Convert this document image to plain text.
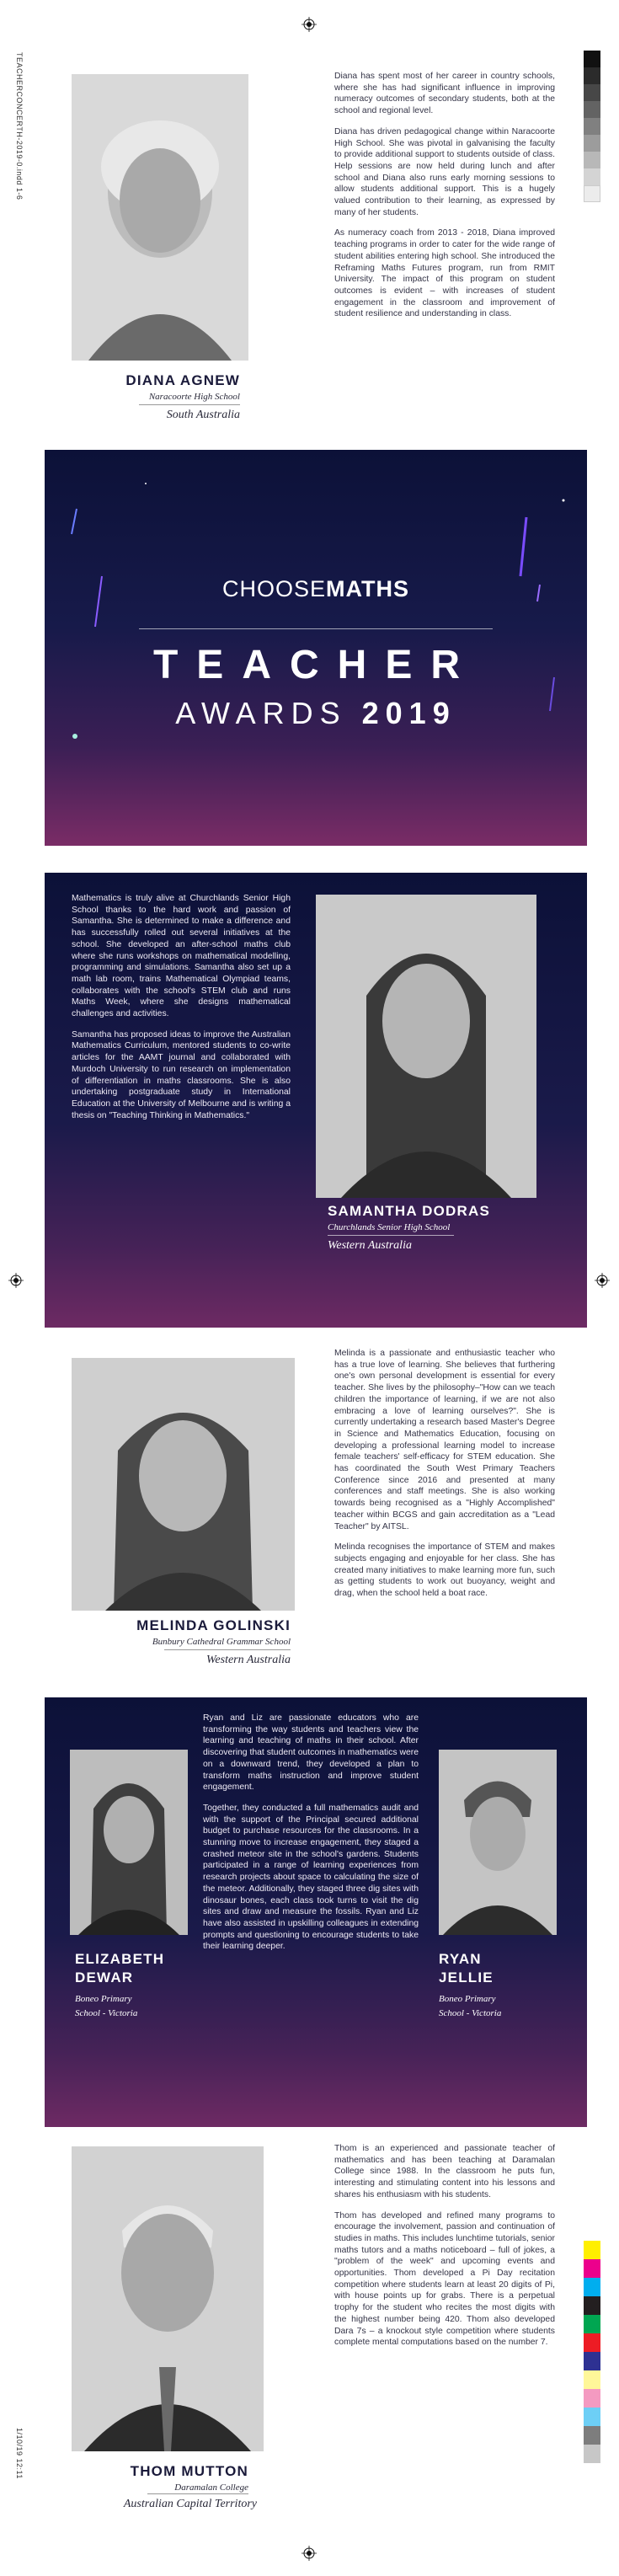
TEACHERCONCERTH-2019-0.indd 1-6
1/10/19 12:11
DIANA AGNEW
Naracoorte High School
South Australia

Diana has spent most of her career in country schools, where she has had significant influence in improving numeracy outcomes of secondary students, both at the school and regional level.

Diana has driven pedagogical change within Naracoorte High School. She was pivotal in galvanising the faculty to provide additional support to students outside of class. Help sessions are now held during lunch and after school and Diana also runs early morning sessions to allow students additional support. This is a hugely valued contribution to their learning, as expressed by many of her students.

As numeracy coach from 2013 - 2018, Diana improved teaching programs in order to cater for the wide range of student abilities entering high school. She introduced the Reframing Maths Futures program, run from RMIT University. The impact of this program on student outcomes is evident – with increases of student engagement in the classroom and improvement of student resilience and understanding in class.

CHOOSEMATHS
TEACHER
AWARDS 2019

Mathematics is truly alive at Churchlands Senior High School thanks to the hard work and passion of Samantha. She is determined to make a difference and has successfully rolled out several initiatives at the school. She developed an after-school maths club where she runs workshops on mathematical modelling, programming and simulations. Samantha also set up a math lab room, trains Mathematical Olympiad teams, collaborates with the school's STEM club and runs Maths Week, where she designs mathematical challenges and activities.

Samantha has proposed ideas to improve the Australian Mathematics Curriculum, mentored students to co-write articles for the AAMT journal and collaborated with Murdoch University to run research on implementation of differentiation in maths classrooms. She is also undertaking postgraduate study in International Education at the University of Melbourne and is writing a thesis on "Teaching Thinking in Mathematics."

SAMANTHA DODRAS
Churchlands Senior High School
Western Australia
MELINDA GOLINSKI
Bunbury Cathedral Grammar School
Western Australia

Melinda is a passionate and enthusiastic teacher who has a true love of learning. She believes that furthering one's own personal development is essential for every teacher. She lives by the philosophy–"How can we teach children the importance of learning, if we are not also embracing a love of learning ourselves?". She is currently undertaking a research based Master's Degree in Science and Mathematics Education, focusing on developing a professional learning model to increase female teachers' self-efficacy for STEM education. She has coordinated the South West Primary Teachers Conference since 2016 and presented at many conferences and staff meetings. She is also working towards being recognised as a "Highly Accomplished" teacher within BCGS and gain accreditation as a "Lead Teacher" by AITSL.

Melinda recognises the importance of STEM and makes subjects engaging and enjoyable for her class. She has created many initiatives to make learning more fun, such as getting students to work out buoyancy, weight and drag, when the school held a boat race.

ELIZABETH
DEWAR
Boneo Primary
School - Victoria

Ryan and Liz are passionate educators who are transforming the way students and teachers view the learning and teaching of maths in their school. After discovering that student outcomes in mathematics were on a downward trend, they developed a plan to transform maths instruction and improve student engagement.

Together, they conducted a full mathematics audit and with the support of the Principal secured additional budget to purchase resources for the classrooms. In a stunning move to increase engagement, they staged a crashed meteor site in the school's gardens. Students participated in a range of learning experiences from research projects about space to calculating the size of the meteor. Additionally, they staged three dig sites with dinosaur bones, each class took turns to visit the dig sites and draw and measure the fossils. Ryan and Liz have also assisted in upskilling colleagues in extending prompts and questioning to encourage students to take their learning deeper.

RYAN
JELLIE
Boneo Primary
School - Victoria
THOM MUTTON
Daramalan College
Australian Capital Territory

Thom is an experienced and passionate teacher of mathematics and has been teaching at Daramalan College since 1988. In the classroom he puts fun, interesting and stimulating content into his lessons and shares his enthusiasm with his students.

Thom has developed and refined many programs to encourage the involvement, passion and continuation of studies in maths. This includes lunchtime tutorials, senior maths tutors and a maths noticeboard – full of jokes, a "problem of the week" and upcoming events and opportunities. Thom developed a Pi Day recitation competition where students learn at least 20 digits of Pi, with house points up for grabs. There is a perpetual trophy for the student who recites the most digits with the highest number being 420. Thom also developed Dara 7s – a knockout style competition where students complete mental computations based on the number 7.
